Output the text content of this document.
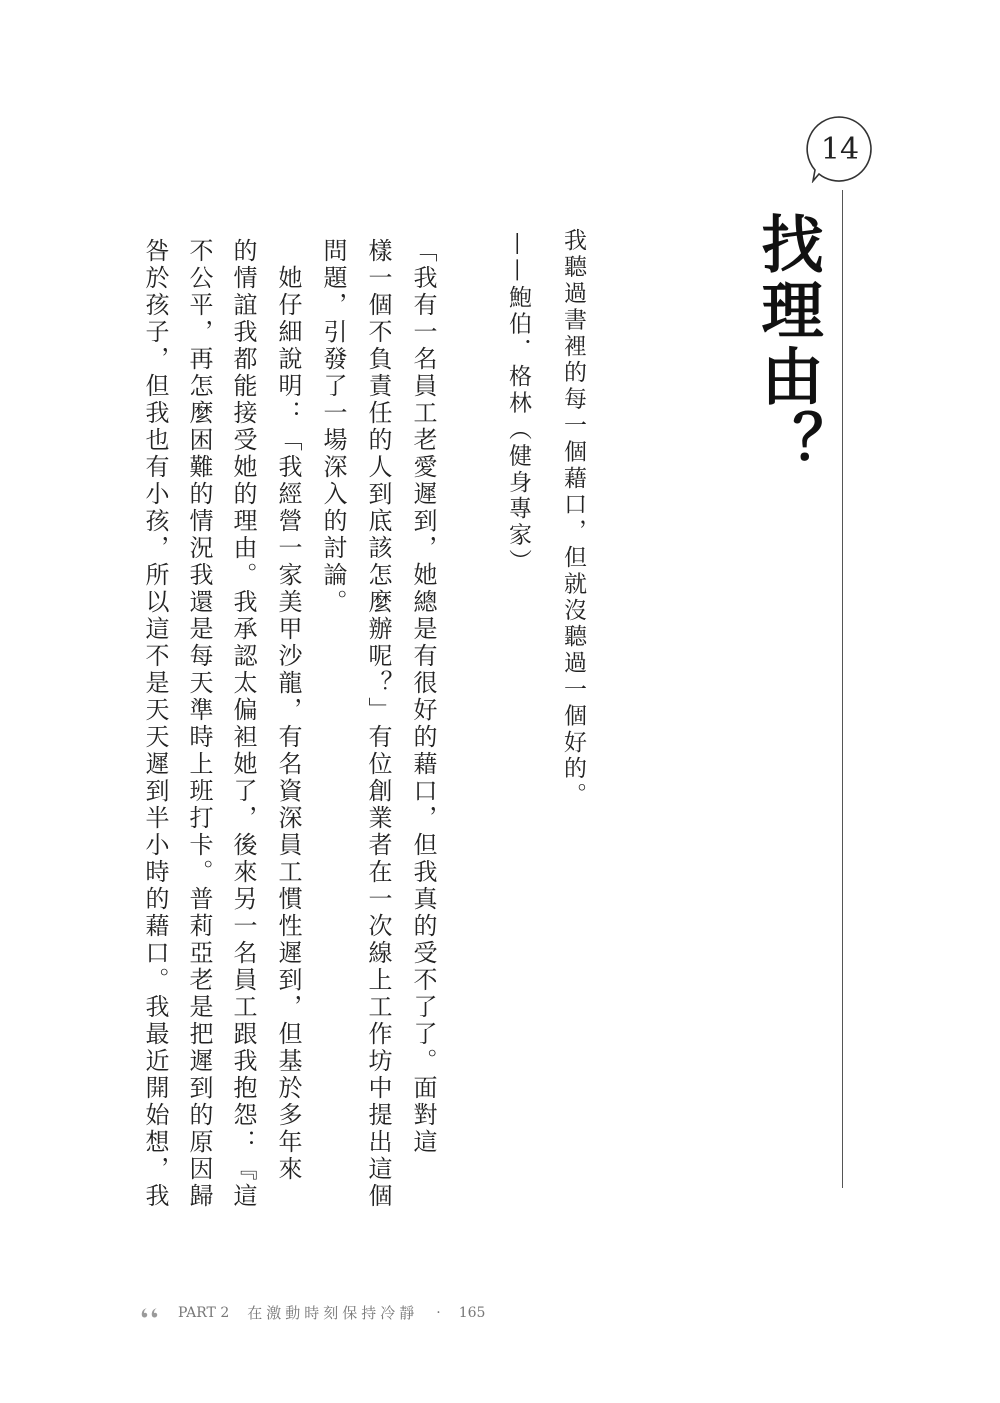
14
找理由？
我聽過書裡的每一個藉口，但就沒聽過一個好的。
——鮑伯．格林（健身專家）
「我有一名員工老愛遲到，她總是有很好的藉口，但我真的受不了了。面對這
樣一個不負責任的人到底該怎麼辦呢？」有位創業者在一次線上工作坊中提出這個
問題，引發了一場深入的討論。
　她仔細說明：「我經營一家美甲沙龍，有名資深員工慣性遲到，但基於多年來
的情誼我都能接受她的理由。我承認太偏袒她了，後來另一名員工跟我抱怨：『這
不公平，再怎麼困難的情況我還是每天準時上班打卡。普莉亞老是把遲到的原因歸
咎於孩子，但我也有小孩，所以這不是天天遲到半小時的藉口。我最近開始想，我
PART 2 在激動時刻保持冷靜 · 165
